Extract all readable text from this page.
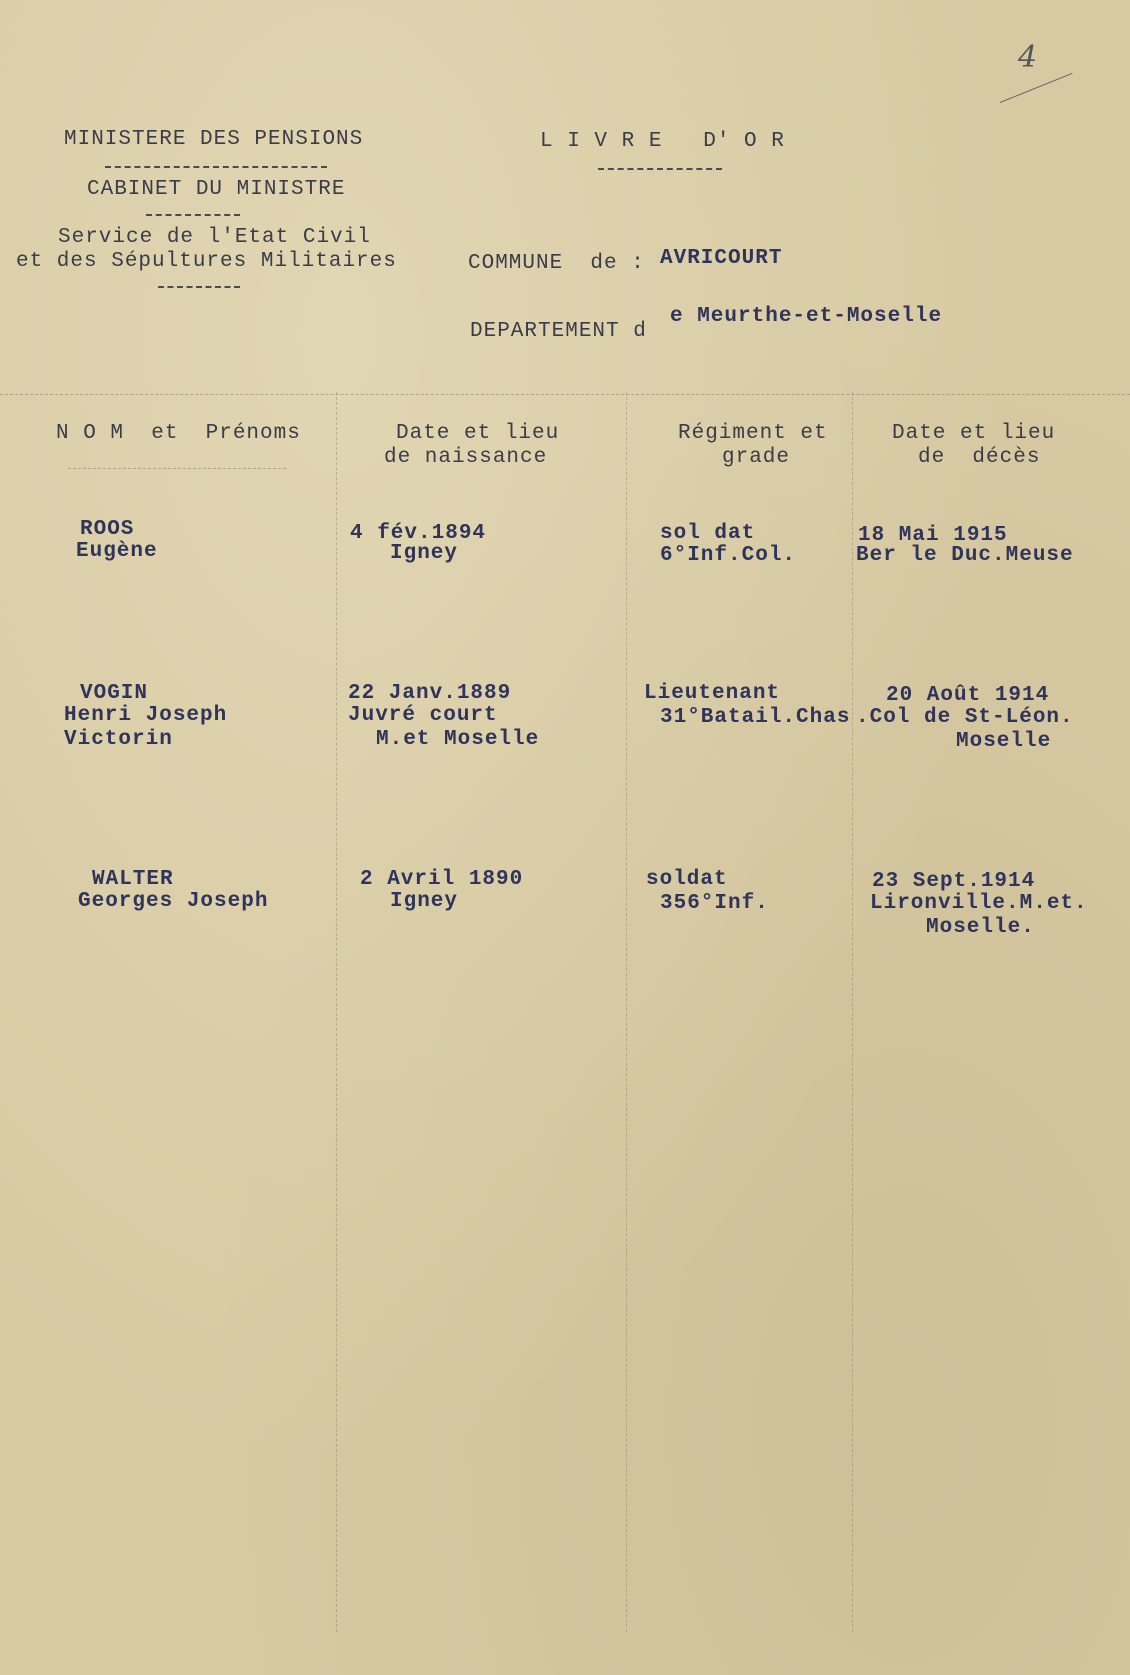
4
MINISTERE DES PENSIONS
CABINET DU MINISTRE
Service de l'Etat Civil
et des Sépultures Militaires
L I V R E   D' O R
COMMUNE  de : AVRICOURT
DEPARTEMENT d
e Meurthe-et-Moselle
N O M  et  Prénoms	Date et lieu
de naissance
Régiment et
grade
Date et lieu
de  décès
ROOS
Eugène
4 fév.1894
Igney
sol dat
6°Inf.Col.
18 Mai 1915
Ber le Duc.Meuse
VOGIN
Henri Joseph
Victorin
22 Janv.1889
Juvré court
M.et Moselle
Lieutenant
31°Batail.Chas
20 Août 1914
.Col de St-Léon.
Moselle
WALTER
Georges Joseph
2 Avril 1890
Igney
soldat
356°Inf.
23 Sept.1914
Lironville.M.et.
Moselle.
